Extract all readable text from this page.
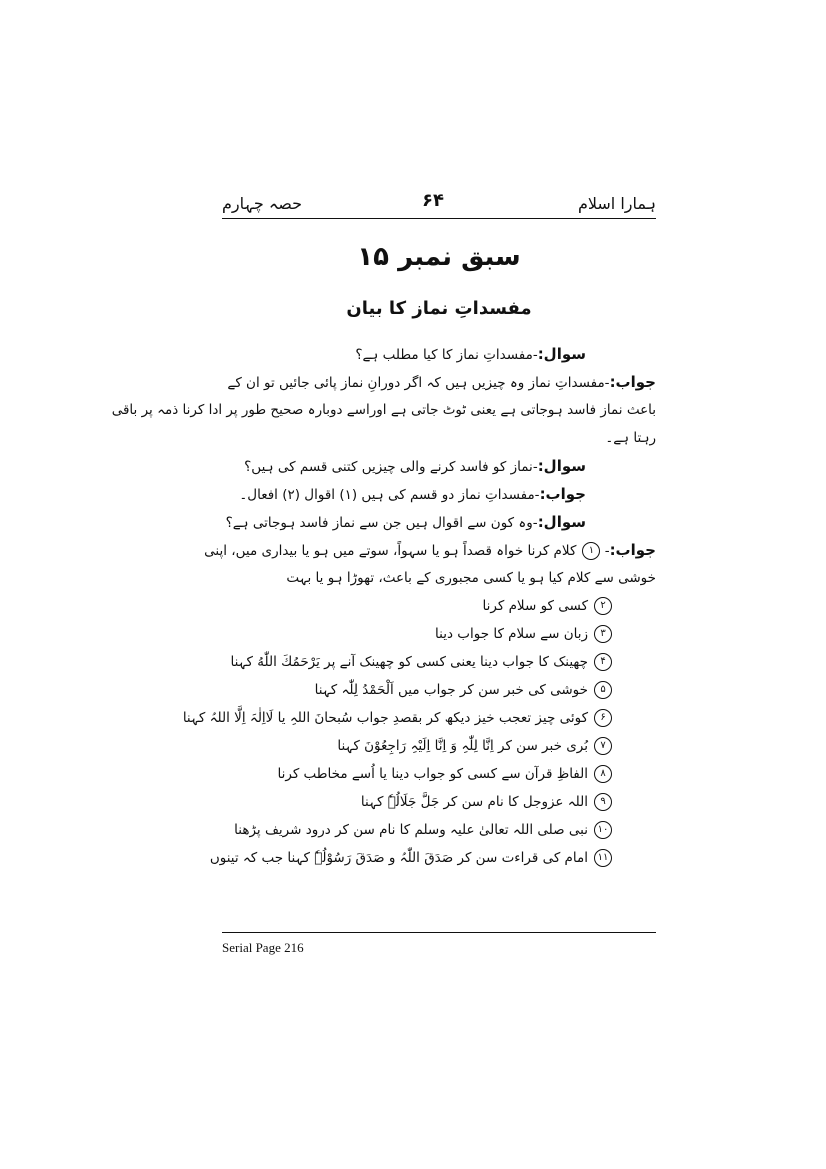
ہمارا اسلام
۶۴
حصہ چہارم
سبق نمبر ۱۵
مفسداتِ نماز کا بیان
سوال:-مفسداتِ نماز کا کیا مطلب ہے؟
جواب:-مفسداتِ نماز وہ چیزیں ہیں کہ اگر دورانِ نماز پائی جائیں تو ان کے
باعث نماز فاسد ہوجاتی ہے یعنی ٹوٹ جاتی ہے اوراسے دوبارہ صحیح طور پر ادا کرنا ذمہ پر باقی
رہتا ہے۔
سوال:-نماز کو فاسد کرنے والی چیزیں کتنی قسم کی ہیں؟
جواب:-مفسداتِ نماز دو قسم کی ہیں (۱) اقوال (۲) افعال۔
سوال:-وہ کون سے اقوال ہیں جن سے نماز فاسد ہوجاتی ہے؟
جواب:- ۱کلام کرنا خواہ قصداً ہو یا سہواً، سوتے میں ہو یا بیداری میں، اپنی
خوشی سے کلام کیا ہو یا کسی مجبوری کے باعث، تھوڑا ہو یا بہت
۲کسی کو سلام کرنا
۳زبان سے سلام کا جواب دینا
۴چھینک کا جواب دینا یعنی کسی کو چھینک آنے پر یَرْحَمُكَ اللّٰهُ کہنا
۵خوشی کی خبر سن کر جواب میں اَلْحَمْدُ لِلّٰہ کہنا
۶کوئی چیز تعجب خیز دیکھ کر بقصدِ جواب سُبحانَ اللہِ یا لَااِلٰہَ اِلَّا اللہُ کہنا
۷بُری خبر سن کر اِنَّا لِلّٰہِ وَ اِنَّا اِلَیْہِ رَاجِعُوْنَ کہنا
۸الفاظِ قرآن سے کسی کو جواب دینا یا اُسے مخاطب کرنا
۹اللہ عزوجل کا نام سن کر جَلَّ جَلَالُہٗ کہنا
۱۰نبی صلی اللہ تعالیٰ علیہ وسلم کا نام سن کر درود شریف پڑھنا
۱۱امام کی قراءت سن کر صَدَقَ اللّٰہُ و صَدَقَ رَسُوْلُہٗ کہنا جب کہ تینوں
Serial Page 216
